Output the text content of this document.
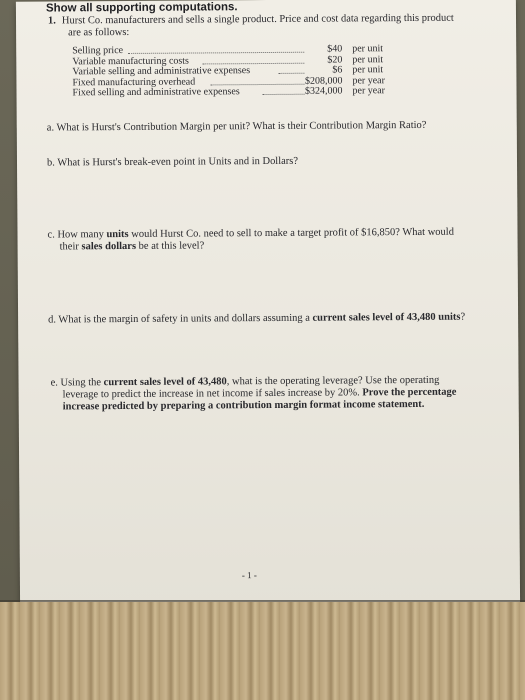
Show all supporting computations.
1. Hurst Co. manufacturers and sells a single product. Price and cost data regarding this product
are as follows:
Selling price	$40 per unit
Variable manufacturing costs	$20 per unit
Variable selling and administrative expenses	$6 per unit
Fixed manufacturing overhead	$208,000 per year
Fixed selling and administrative expenses	$324,000 per year
a. What is Hurst's Contribution Margin per unit? What is their Contribution Margin Ratio?
b. What is Hurst's break-even point in Units and in Dollars?
c. How many units would Hurst Co. need to sell to make a target profit of $16,850? What would
their sales dollars be at this level?
d. What is the margin of safety in units and dollars assuming a current sales level of 43,480 units?
e. Using the current sales level of 43,480, what is the operating leverage? Use the operating
leverage to predict the increase in net income if sales increase by 20%. Prove the percentage
increase predicted by preparing a contribution margin format income statement.
- 1 -
